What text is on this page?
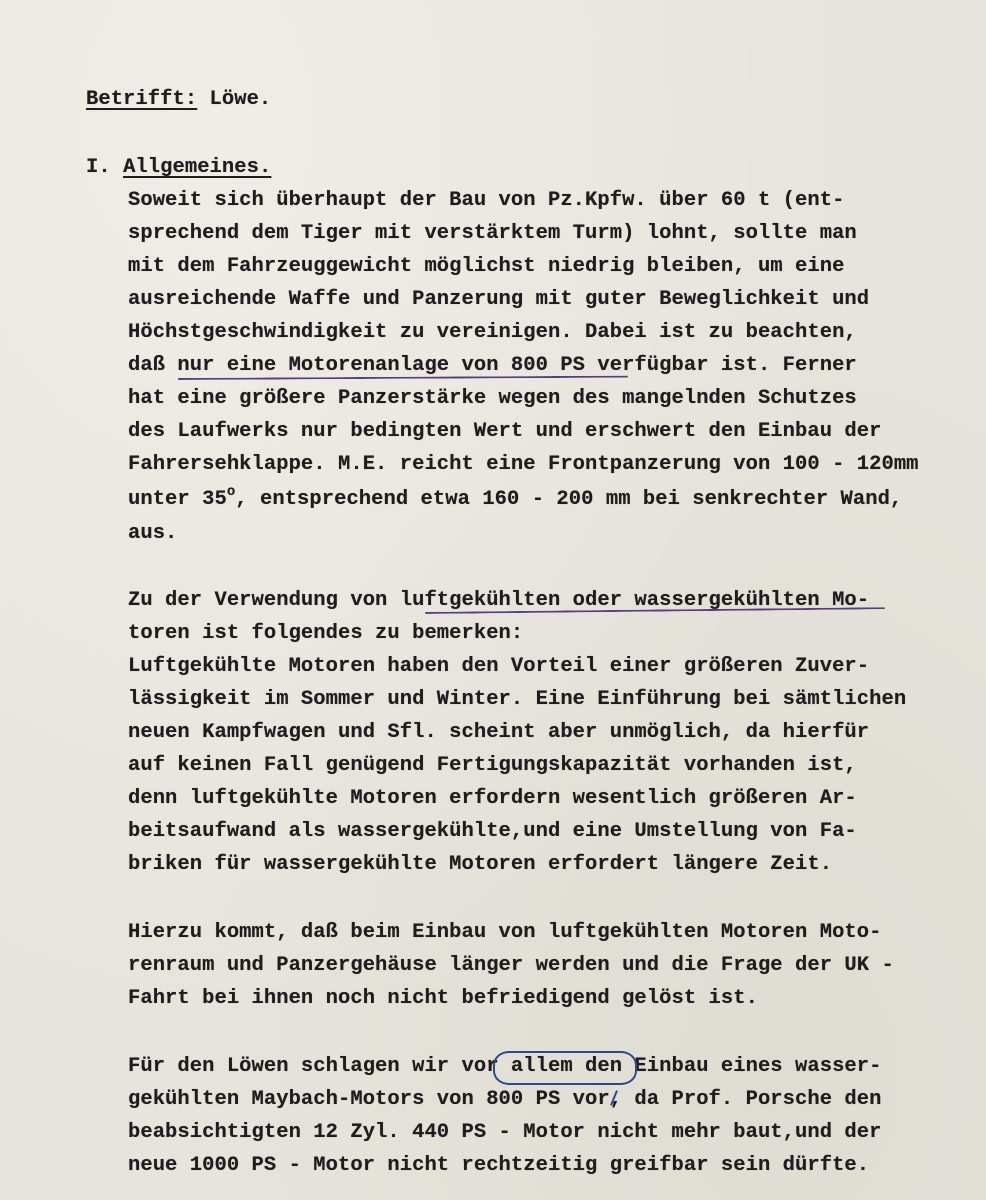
Betrifft: Löwe.
I. Allgemeines.
Soweit sich überhaupt der Bau von Pz.Kpfw. über 60 t (ent-
sprechend dem Tiger mit verstärktem Turm) lohnt, sollte man
mit dem Fahrzeuggewicht möglichst niedrig bleiben, um eine
ausreichende Waffe und Panzerung mit guter Beweglichkeit und
Höchstgeschwindigkeit zu vereinigen. Dabei ist zu beachten,
daß nur eine Motorenanlage von 800 PS verfügbar ist. Ferner
hat eine größere Panzerstärke wegen des mangelnden Schutzes
des Laufwerks nur bedingten Wert und erschwert den Einbau der
Fahrersehklappe. M.E. reicht eine Frontpanzerung von 100 - 120mm
unter 35$^o$, entsprechend etwa 160 - 200 mm bei senkrechter Wand,
aus.
Zu der Verwendung von luftgekühlten oder wassergekühlten Mo-
toren ist folgendes zu bemerken:
Luftgekühlte Motoren haben den Vorteil einer größeren Zuver-
lässigkeit im Sommer und Winter. Eine Einführung bei sämtlichen
neuen Kampfwagen und Sfl. scheint aber unmöglich, da hierfür
auf keinen Fall genügend Fertigungskapazität vorhanden ist,
denn luftgekühlte Motoren erfordern wesentlich größeren Ar-
beitsaufwand als wassergekühlte,und eine Umstellung von Fa-
briken für wassergekühlte Motoren erfordert längere Zeit.
Hierzu kommt, daß beim Einbau von luftgekühlten Motoren Moto-
renraum und Panzergehäuse länger werden und die Frage der UK -
Fahrt bei ihnen noch nicht befriedigend gelöst ist.
Für den Löwen schlagen wir vor allem den Einbau eines wasser-
gekühlten Maybach-Motors von 800 PS vor, da Prof. Porsche den
beabsichtigten 12 Zyl. 440 PS - Motor nicht mehr baut,und der
neue 1000 PS - Motor nicht rechtzeitig greifbar sein dürfte.
